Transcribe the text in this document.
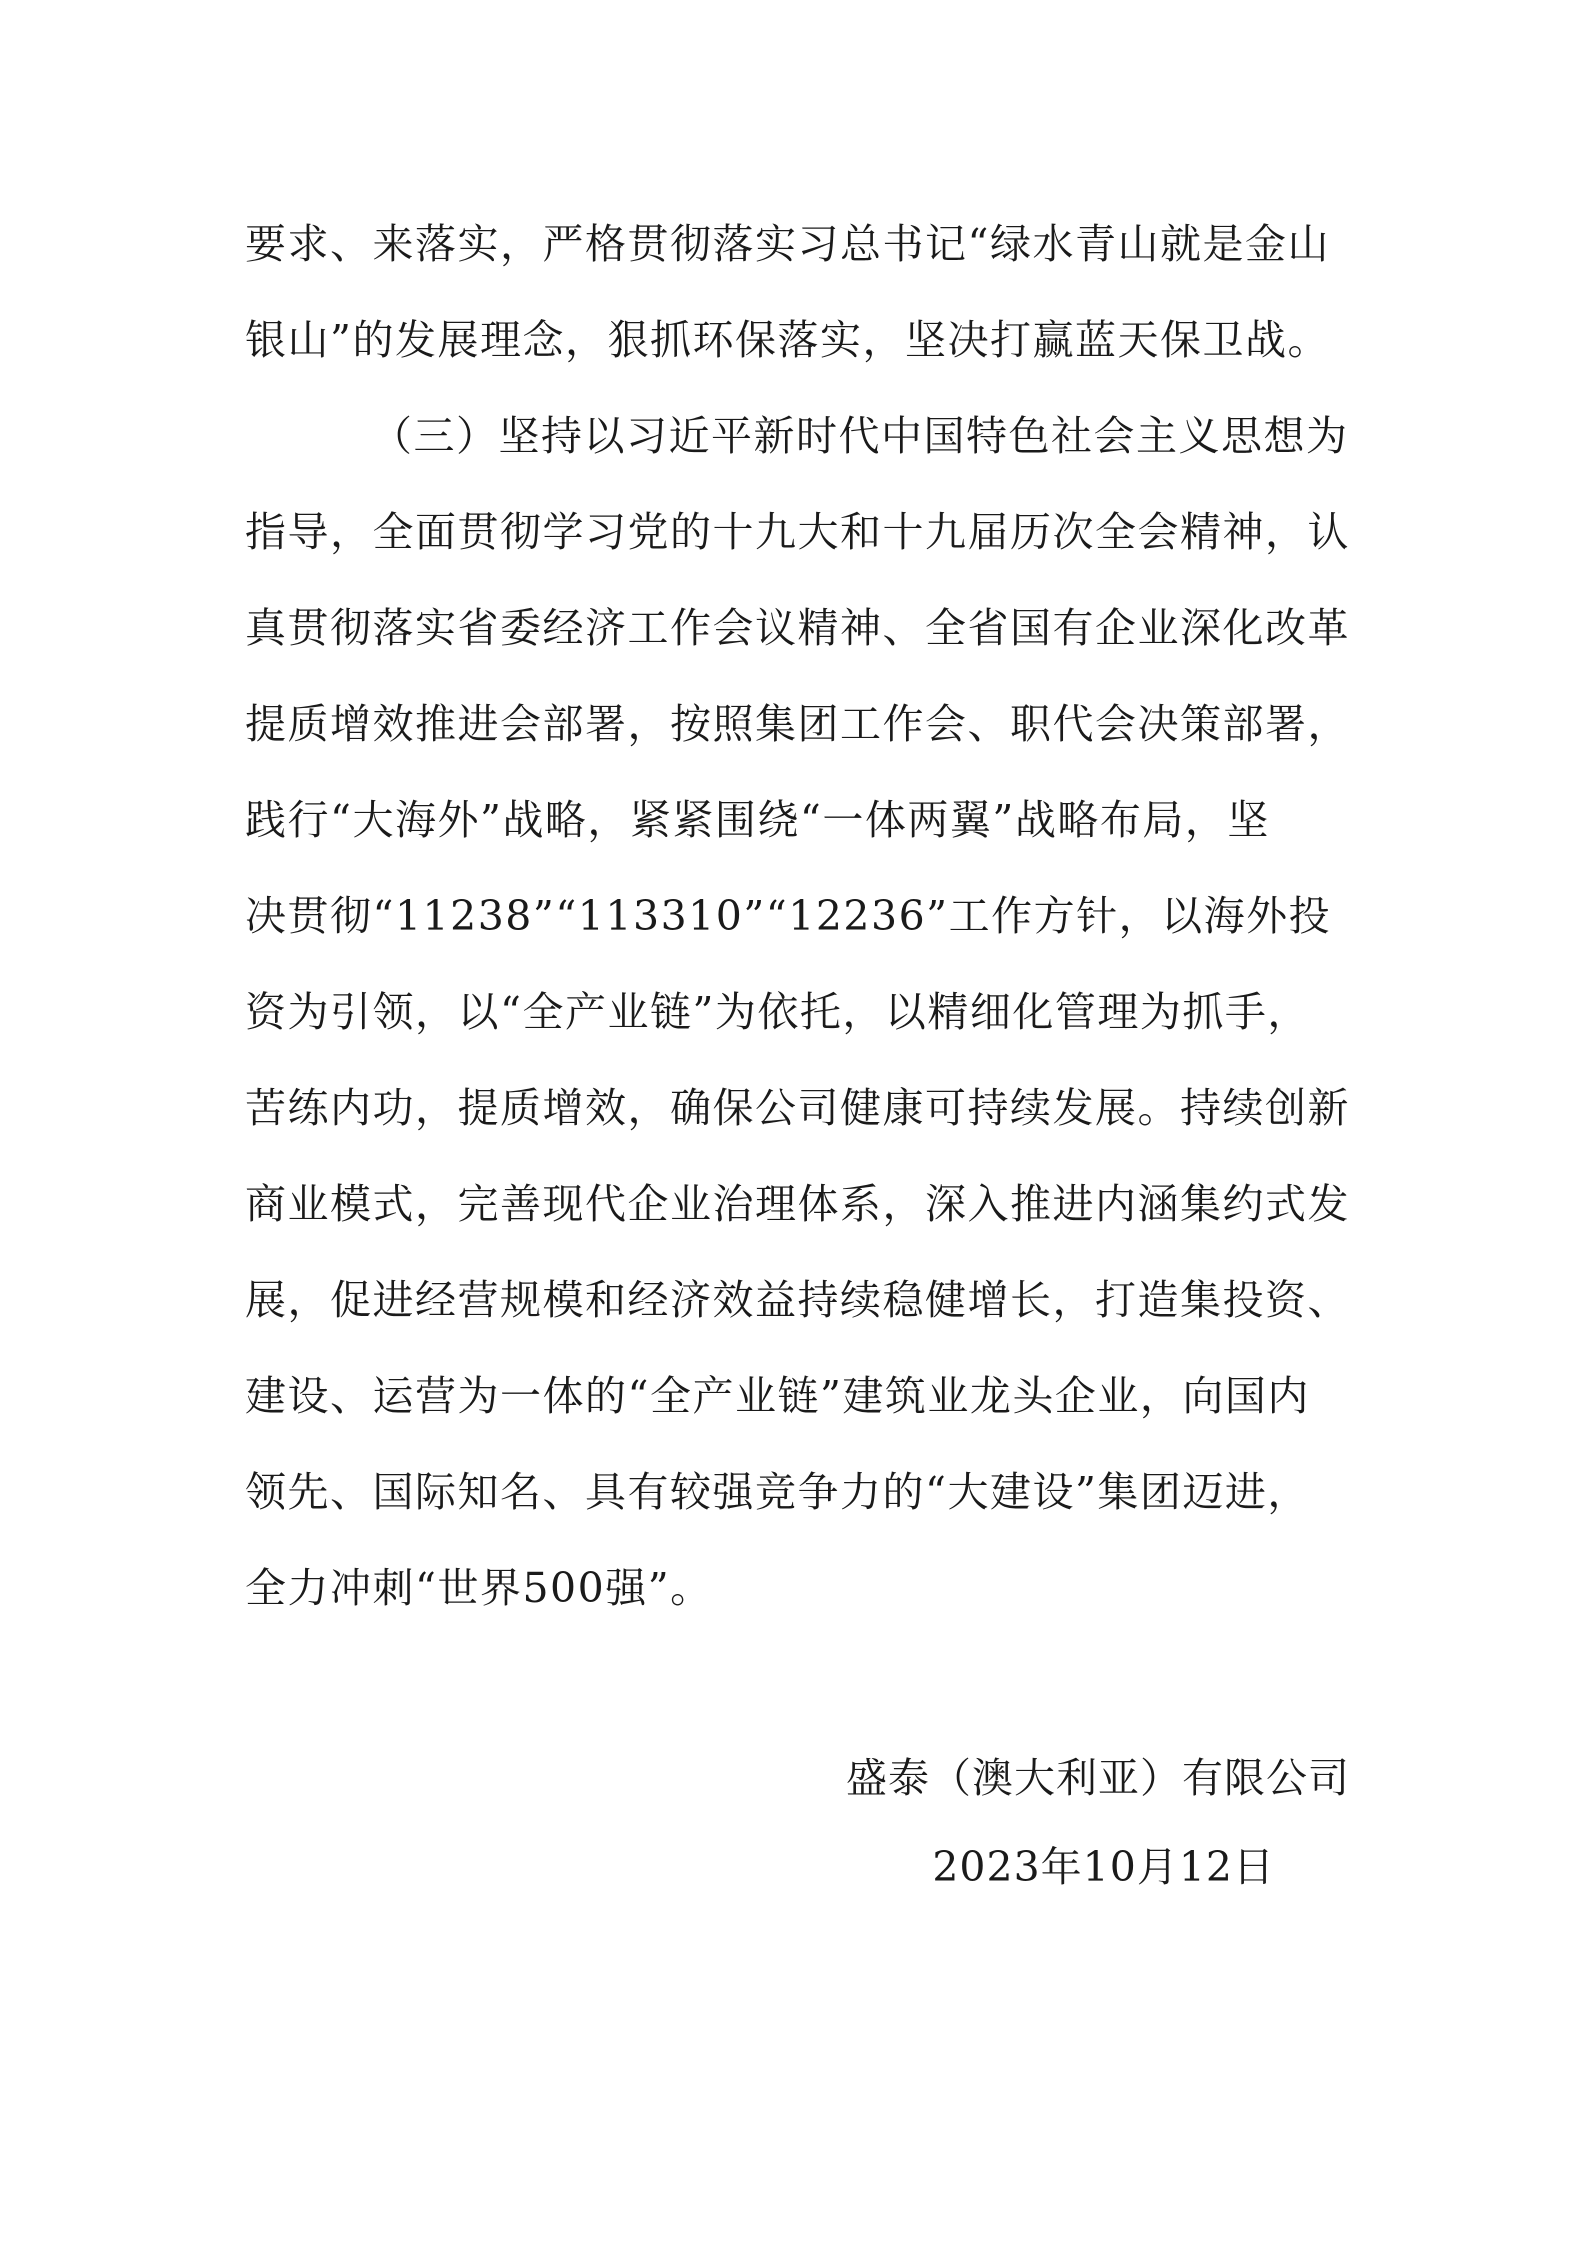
要求、来落实，严格贯彻落实习总书记“绿水青山就是金山
银山”的发展理念，狠抓环保落实，坚决打赢蓝天保卫战。
（三）坚持以习近平新时代中国特色社会主义思想为
指导，全面贯彻学习党的十九大和十九届历次全会精神，认
真贯彻落实省委经济工作会议精神、全省国有企业深化改革
提质增效推进会部署，按照集团工作会、职代会决策部署，
践行“大海外”战略，紧紧围绕“一体两翼”战略布局，坚
决贯彻“11238”“113310”“12236”工作方针，以海外投
资为引领，以“全产业链”为依托，以精细化管理为抓手，
苦练内功，提质增效，确保公司健康可持续发展。持续创新
商业模式，完善现代企业治理体系，深入推进内涵集约式发
展，促进经营规模和经济效益持续稳健增长，打造集投资、
建设、运营为一体的“全产业链”建筑业龙头企业，向国内
领先、国际知名、具有较强竞争力的“大建设”集团迈进，
全力冲刺“世界500强”。
盛泰（澳大利亚）有限公司
2023年10月12日
